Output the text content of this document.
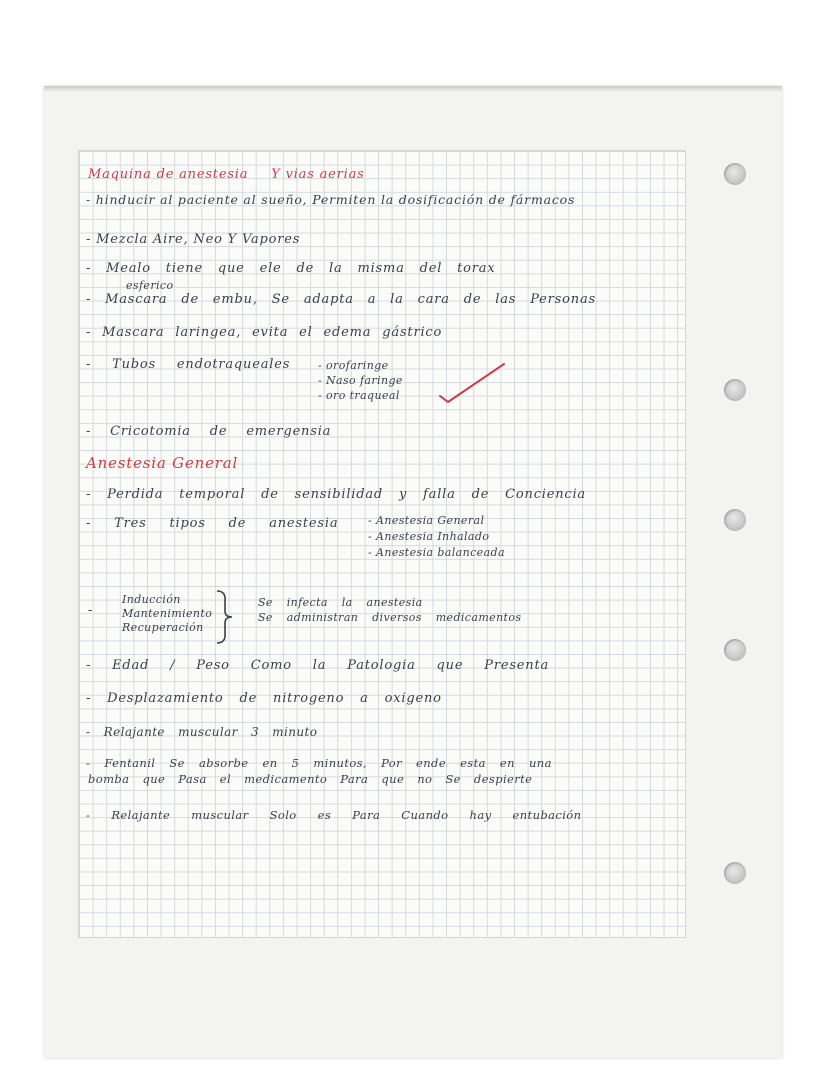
Maquina de anestesia Y vias aerias
- hinducir al paciente al sueño, Permiten la dosificación de fármacos
- Mezcla Aire, Neo Y Vapores
- Mealo tiene que ele de la misma del torax
esferico
- Mascara de embu, Se adapta a la cara de las Personas
- Mascara laringea, evita el edema gástrico
- Tubos endotraqueales	- orofaringe
- Naso faringe
- oro traqueal
- Cricotomia de emergensia
Anestesia General
- Perdida temporal de sensibilidad y falla de Conciencia
- Tres tipos de anestesia	- Anestesia General
- Anestesia Inhalado
- Anestesia balanceada
-
Inducción
Mantenimiento
Recuperación
Se infecta la anestesia
Se administran diversos medicamentos
- Edad / Peso Como la Patologia que Presenta
- Desplazamiento de nitrogeno a oxigeno
- Relajante muscular 3 minuto
- Fentanil Se absorbe en 5 minutos, Por ende esta en una
bomba que Pasa el medicamento Para que no Se despierte
- Relajante muscular Solo es Para Cuando hay entubación
